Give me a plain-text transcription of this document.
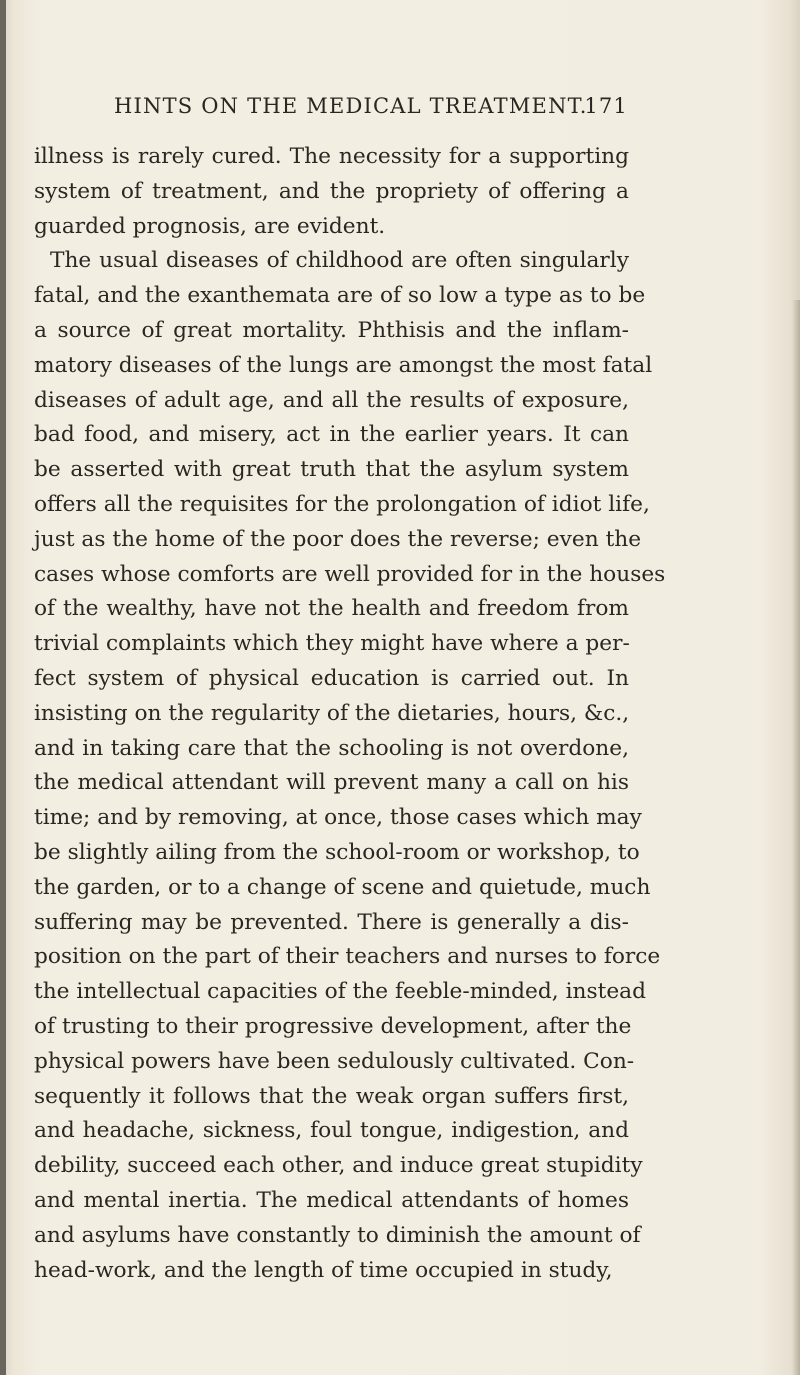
HINTS ON THE MEDICAL TREATMENT.
171
illness is rarely cured. The necessity for a supporting
system of treatment, and the propriety of offering a
guarded prognosis, are evident.
The usual diseases of childhood are often singularly
fatal, and the exanthemata are of so low a type as to be
a source of great mortality. Phthisis and the inflam-
matory diseases of the lungs are amongst the most fatal
diseases of adult age, and all the results of exposure,
bad food, and misery, act in the earlier years. It can
be asserted with great truth that the asylum system
offers all the requisites for the prolongation of idiot life,
just as the home of the poor does the reverse; even the
cases whose comforts are well provided for in the houses
of the wealthy, have not the health and freedom from
trivial complaints which they might have where a per-
fect system of physical education is carried out. In
insisting on the regularity of the dietaries, hours, &c.,
and in taking care that the schooling is not overdone,
the medical attendant will prevent many a call on his
time; and by removing, at once, those cases which may
be slightly ailing from the school-room or workshop, to
the garden, or to a change of scene and quietude, much
suffering may be prevented. There is generally a dis-
position on the part of their teachers and nurses to force
the intellectual capacities of the feeble-minded, instead
of trusting to their progressive development, after the
physical powers have been sedulously cultivated. Con-
sequently it follows that the weak organ suffers first,
and headache, sickness, foul tongue, indigestion, and
debility, succeed each other, and induce great stupidity
and mental inertia. The medical attendants of homes
and asylums have constantly to diminish the amount of
head-work, and the length of time occupied in study,
